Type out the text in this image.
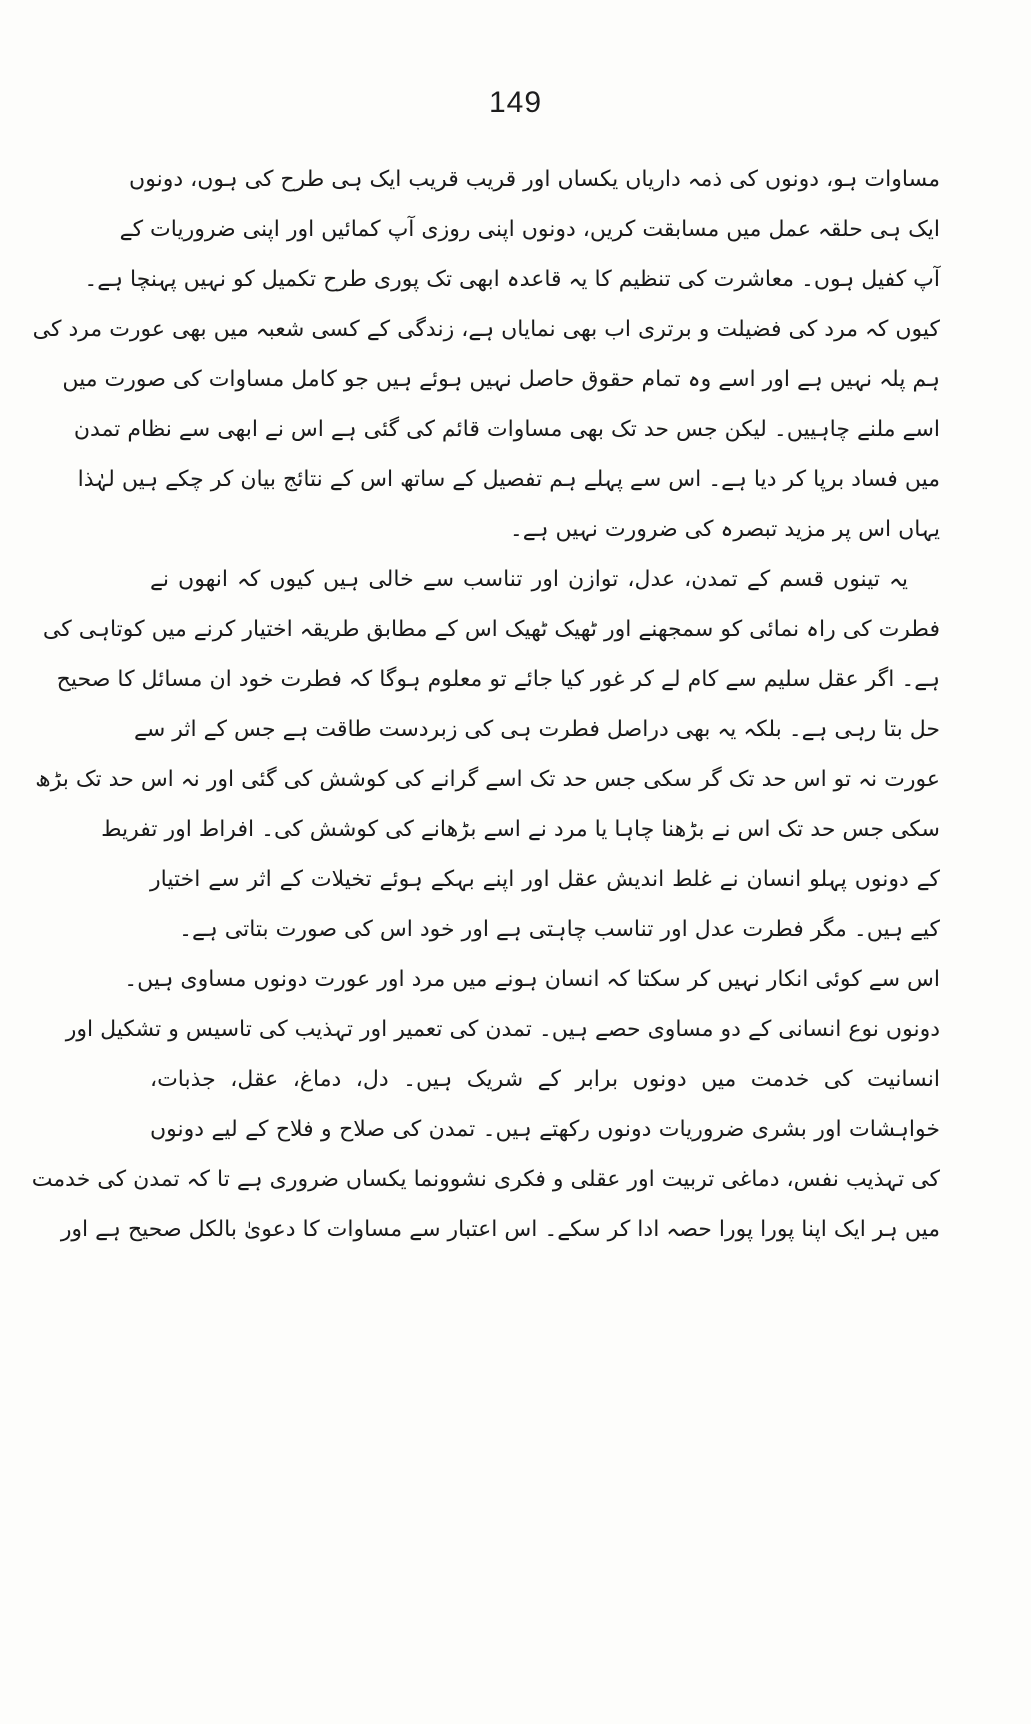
149
مساوات ہو، دونوں کی ذمہ داریاں یکساں اور قریب قریب ایک ہی طرح کی ہوں، دونوں
ایک ہی حلقہ عمل میں مسابقت کریں، دونوں اپنی روزی آپ کمائیں اور اپنی ضروریات کے
آپ کفیل ہوں۔ معاشرت کی تنظیم کا یہ قاعدہ ابھی تک پوری طرح تکمیل کو نہیں پہنچا ہے۔
کیوں کہ مرد کی فضیلت و برتری اب بھی نمایاں ہے، زندگی کے کسی شعبہ میں بھی عورت مرد کی
ہم پلہ نہیں ہے اور اسے وہ تمام حقوق حاصل نہیں ہوئے ہیں جو کامل مساوات کی صورت میں
اسے ملنے چاہییں۔ لیکن جس حد تک بھی مساوات قائم کی گئی ہے اس نے ابھی سے نظام تمدن
میں فساد برپا کر دیا ہے۔ اس سے پہلے ہم تفصیل کے ساتھ اس کے نتائج بیان کر چکے ہیں لہٰذا
یہاں اس پر مزید تبصرہ کی ضرورت نہیں ہے۔
یہ تینوں قسم کے تمدن، عدل، توازن اور تناسب سے خالی ہیں کیوں کہ انھوں نے
فطرت کی راہ نمائی کو سمجھنے اور ٹھیک ٹھیک اس کے مطابق طریقہ اختیار کرنے میں کوتاہی کی
ہے۔ اگر عقل سلیم سے کام لے کر غور کیا جائے تو معلوم ہوگا کہ فطرت خود ان مسائل کا صحیح
حل بتا رہی ہے۔ بلکہ یہ بھی دراصل فطرت ہی کی زبردست طاقت ہے جس کے اثر سے
عورت نہ تو اس حد تک گر سکی جس حد تک اسے گرانے کی کوشش کی گئی اور نہ اس حد تک بڑھ
سکی جس حد تک اس نے بڑھنا چاہا یا مرد نے اسے بڑھانے کی کوشش کی۔ افراط اور تفریط
کے دونوں پہلو انسان نے غلط اندیش عقل اور اپنے بہکے ہوئے تخیلات کے اثر سے اختیار
کیے ہیں۔ مگر فطرت عدل اور تناسب چاہتی ہے اور خود اس کی صورت بتاتی ہے۔
اس سے کوئی انکار نہیں کر سکتا کہ انسان ہونے میں مرد اور عورت دونوں مساوی ہیں۔
دونوں نوع انسانی کے دو مساوی حصے ہیں۔ تمدن کی تعمیر اور تہذیب کی تاسیس و تشکیل اور
انسانیت کی خدمت میں دونوں برابر کے شریک ہیں۔ دل، دماغ، عقل، جذبات،
خواہشات اور بشری ضروریات دونوں رکھتے ہیں۔ تمدن کی صلاح و فلاح کے لیے دونوں
کی تہذیب نفس، دماغی تربیت اور عقلی و فکری نشوونما یکساں ضروری ہے تا کہ تمدن کی خدمت
میں ہر ایک اپنا پورا پورا حصہ ادا کر سکے۔ اس اعتبار سے مساوات کا دعویٰ بالکل صحیح ہے اور
